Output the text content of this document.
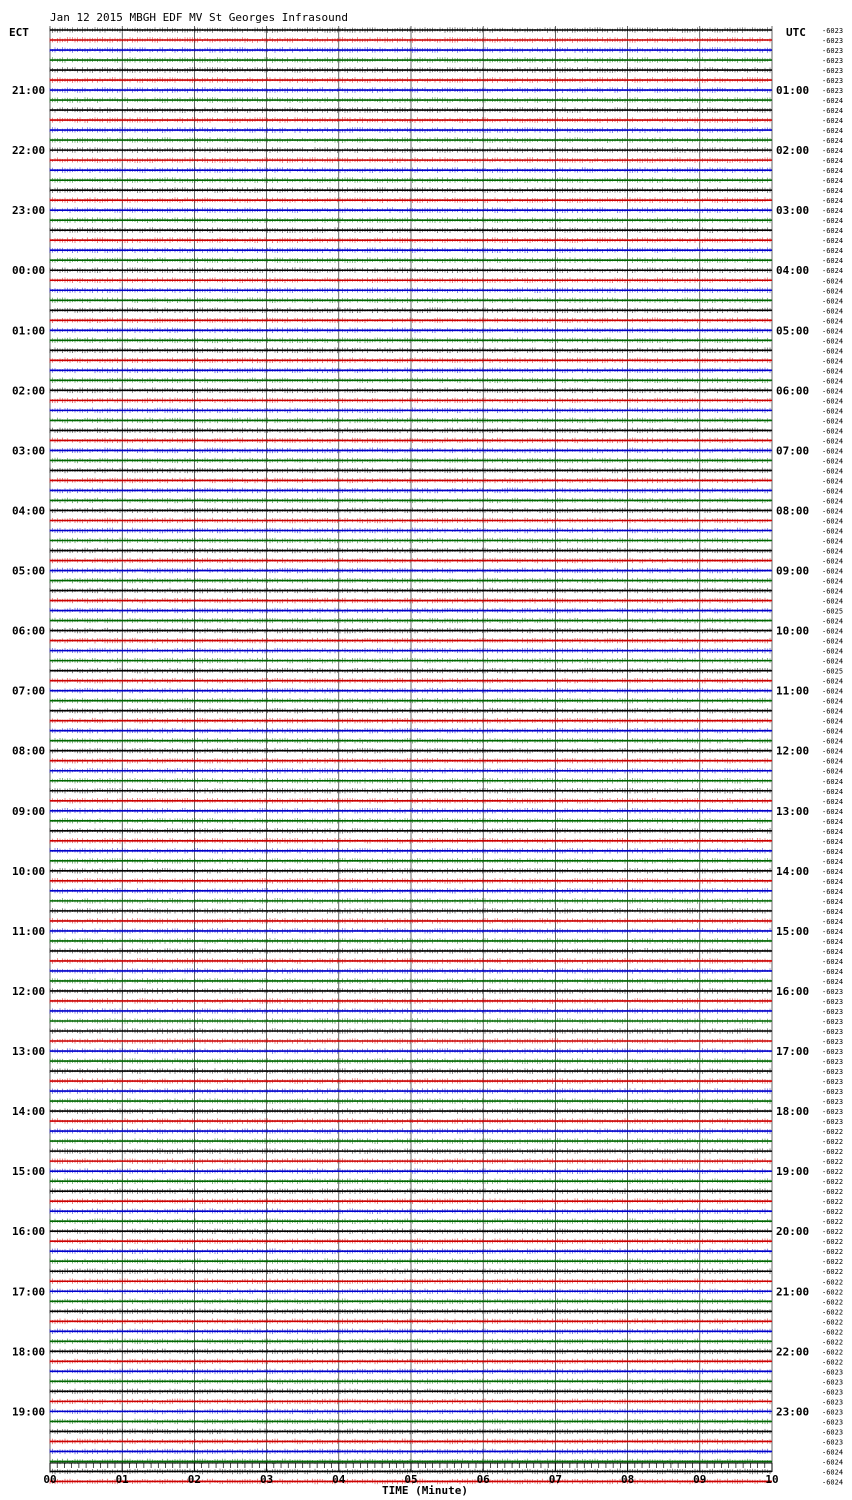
Jan 12 2015 MBGH EDF MV St Georges Infrasound
ECT	UTC
TIME (Minute)
21:00
22:00
23:00
00:00
01:00
02:00
03:00
04:00
05:00
06:00
07:00
08:00
09:00
10:00
11:00
12:00
13:00
14:00
15:00
16:00
17:00
18:00
19:00
01:00
02:00
03:00
04:00
05:00
06:00
07:00
08:00
09:00
10:00
11:00
12:00
13:00
14:00
15:00
16:00
17:00
18:00
19:00
20:00
21:00
22:00
23:00
-6023
-6023
-6023
-6023
-6023
-6023
-6023
-6024
-6024
-6024
-6024
-6024
-6024
-6024
-6024
-6024
-6024
-6024
-6024
-6024
-6024
-6024
-6024
-6024
-6024
-6024
-6024
-6024
-6024
-6024
-6024
-6024
-6024
-6024
-6024
-6024
-6024
-6024
-6024
-6024
-6024
-6024
-6024
-6024
-6024
-6024
-6024
-6024
-6024
-6024
-6024
-6024
-6024
-6024
-6024
-6024
-6024
-6024
-6025
-6024
-6024
-6024
-6024
-6024
-6025
-6024
-6024
-6024
-6024
-6024
-6024
-6024
-6024
-6024
-6024
-6024
-6024
-6024
-6024
-6024
-6024
-6024
-6024
-6024
-6024
-6024
-6024
-6024
-6024
-6024
-6024
-6024
-6024
-6024
-6024
-6024
-6023
-6023
-6023
-6023
-6023
-6023
-6023
-6023
-6023
-6023
-6023
-6023
-6023
-6023
-6022
-6022
-6022
-6022
-6022
-6022
-6022
-6022
-6022
-6022
-6022
-6022
-6022
-6022
-6022
-6022
-6022
-6022
-6022
-6022
-6022
-6022
-6022
-6022
-6023
-6023
-6023
-6023
-6023
-6023
-6023
-6023
-6024
-6024
-6024
-6024
00	01	02	03	04	05	06	07	08	09	10
